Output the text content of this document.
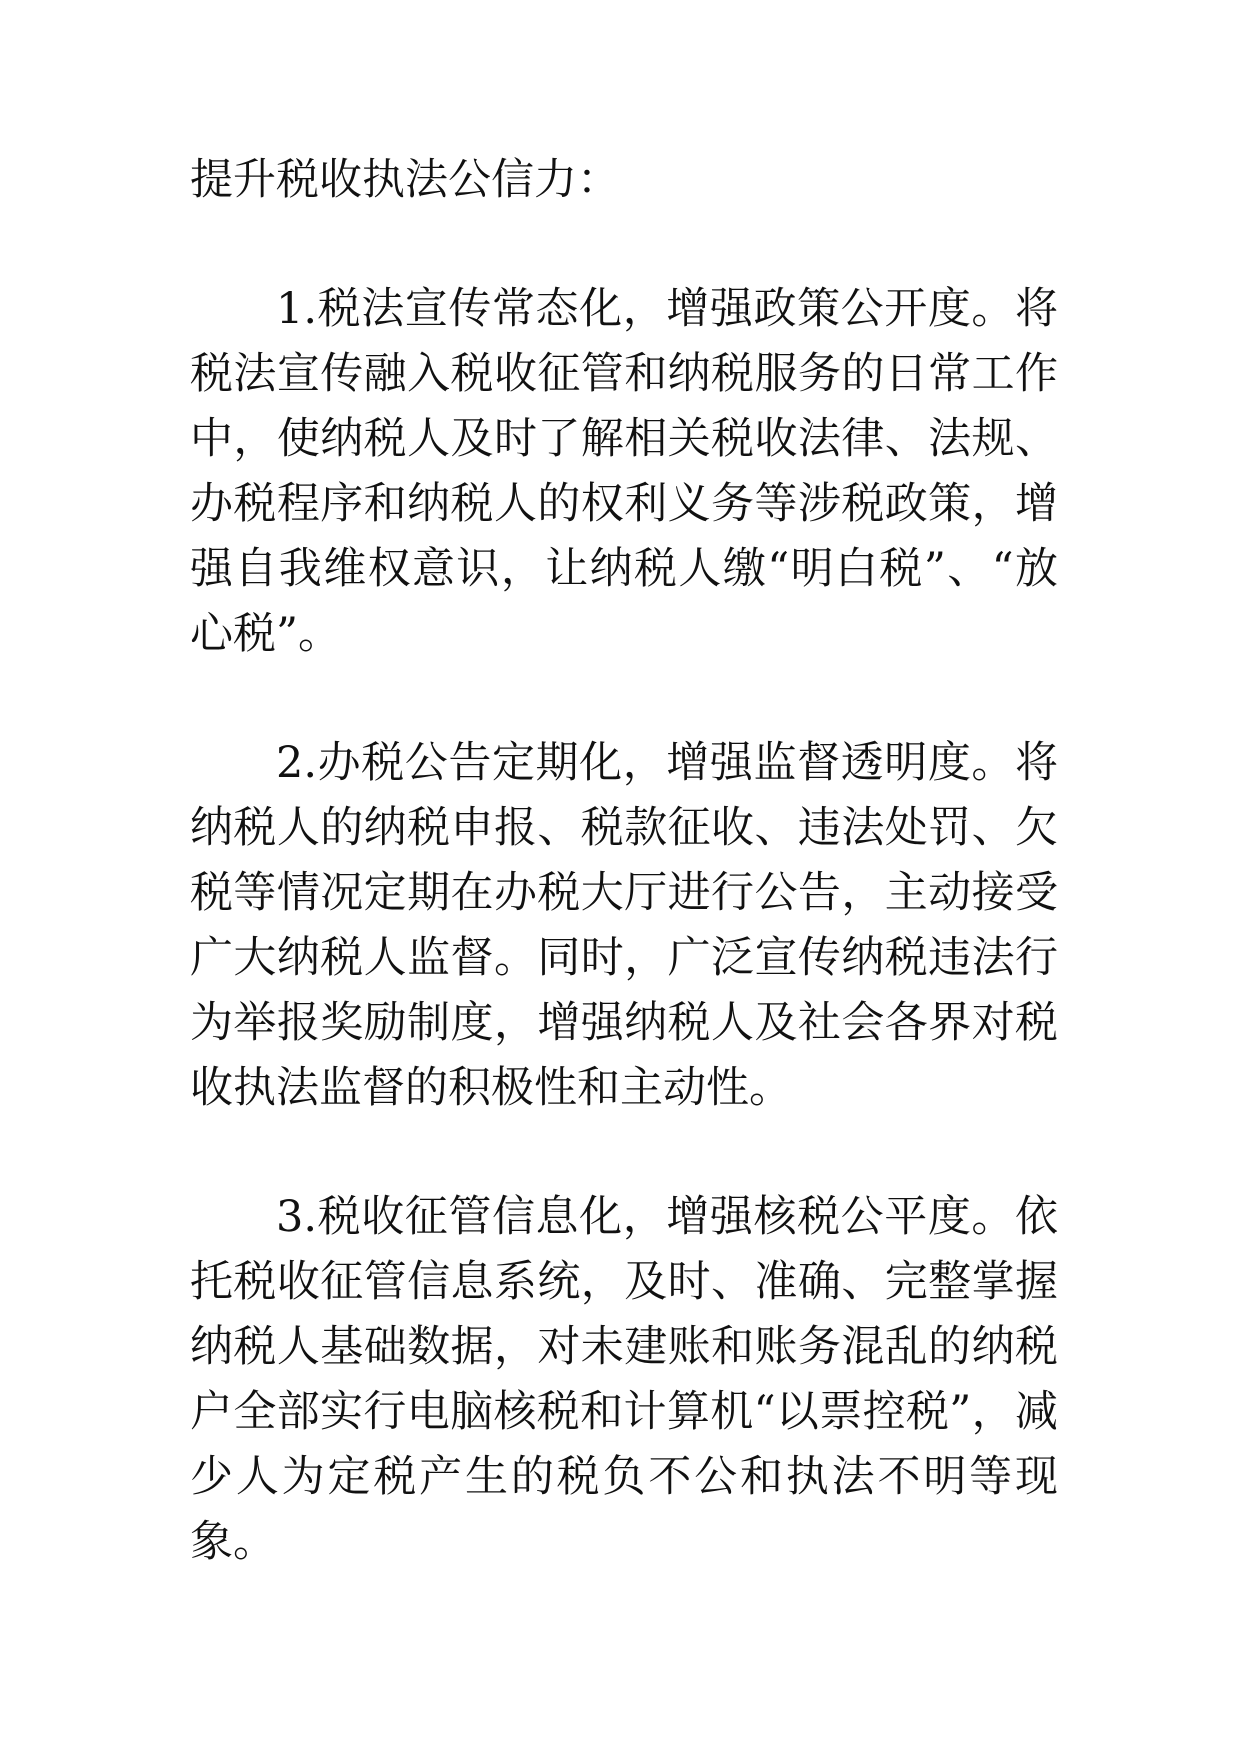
提升税收执法公信力：

1.税法宣传常态化，增强政策公开度。将税法宣传融入税收征管和纳税服务的日常工作中，使纳税人及时了解相关税收法律、法规、办税程序和纳税人的权利义务等涉税政策，增强自我维权意识，让纳税人缴“明白税”、“放心税”。

2.办税公告定期化，增强监督透明度。将纳税人的纳税申报、税款征收、违法处罚、欠税等情况定期在办税大厅进行公告，主动接受广大纳税人监督。同时，广泛宣传纳税违法行为举报奖励制度，增强纳税人及社会各界对税收执法监督的积极性和主动性。

3.税收征管信息化，增强核税公平度。依托税收征管信息系统，及时、准确、完整掌握纳税人基础数据，对未建账和账务混乱的纳税户全部实行电脑核税和计算机“以票控税”，减少人为定税产生的税负不公和执法不明等现象。
